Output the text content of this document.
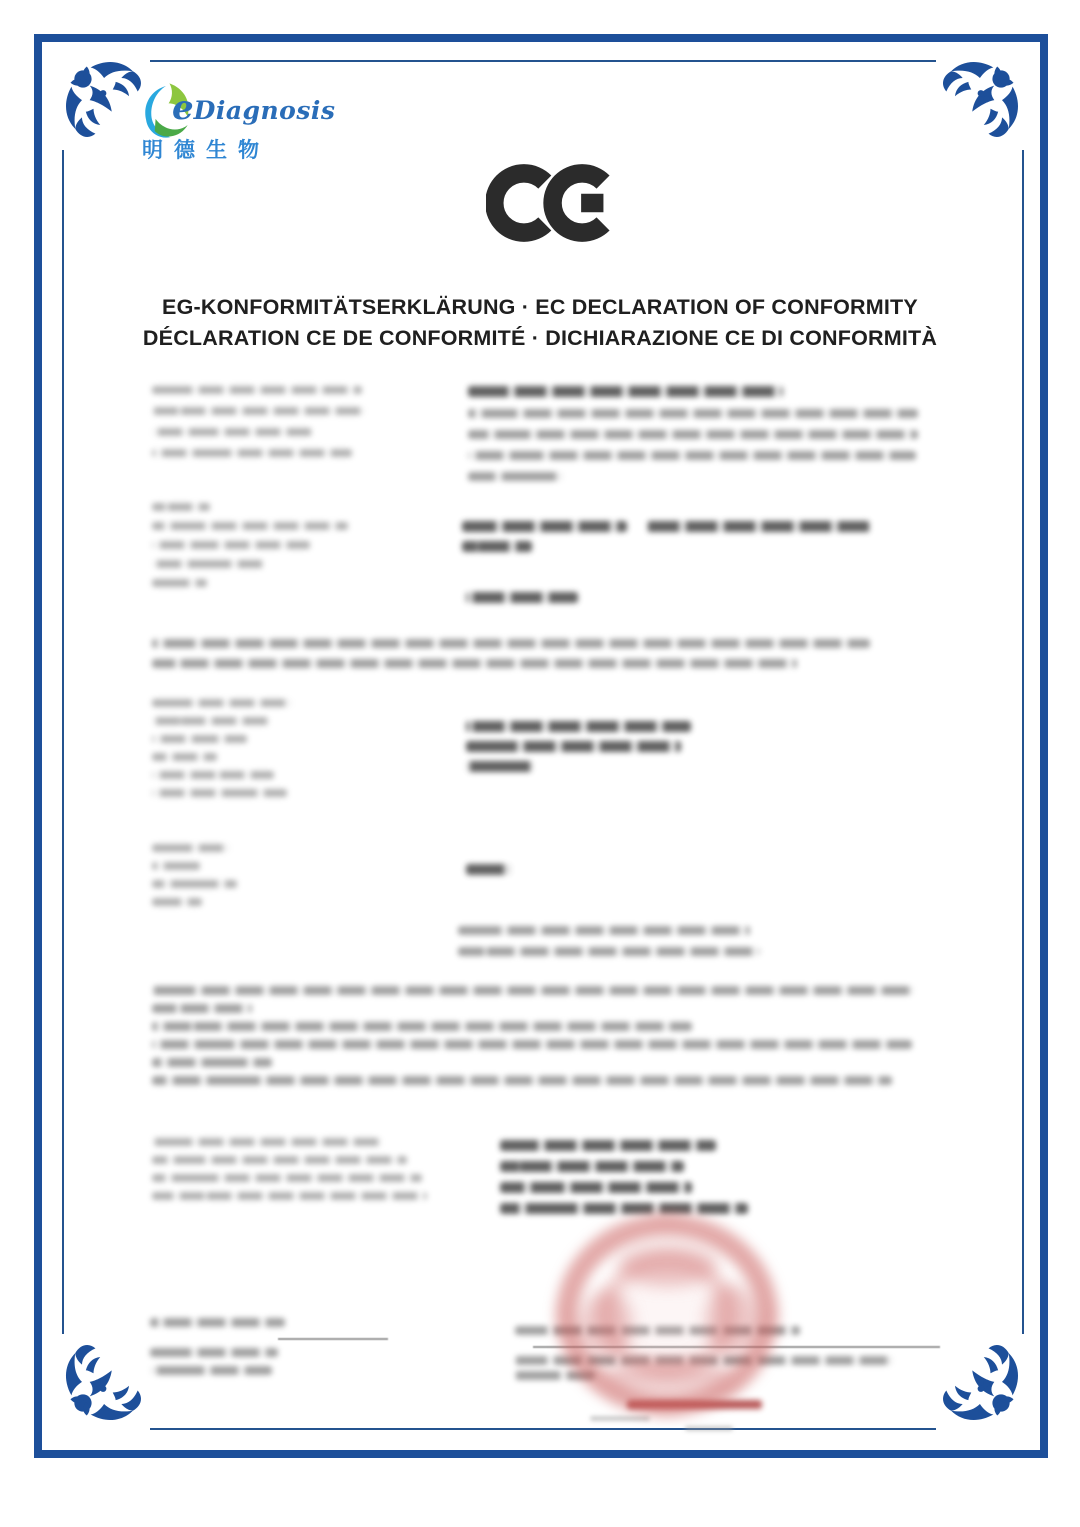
eDiagnosis
明德生物
EG-KONFORMITÄTSERKLÄRUNG · EC DECLARATION OF CONFORMITY
DÉCLARATION CE DE CONFORMITÉ · DICHIARAZIONE CE DI CONFORMITÀ
